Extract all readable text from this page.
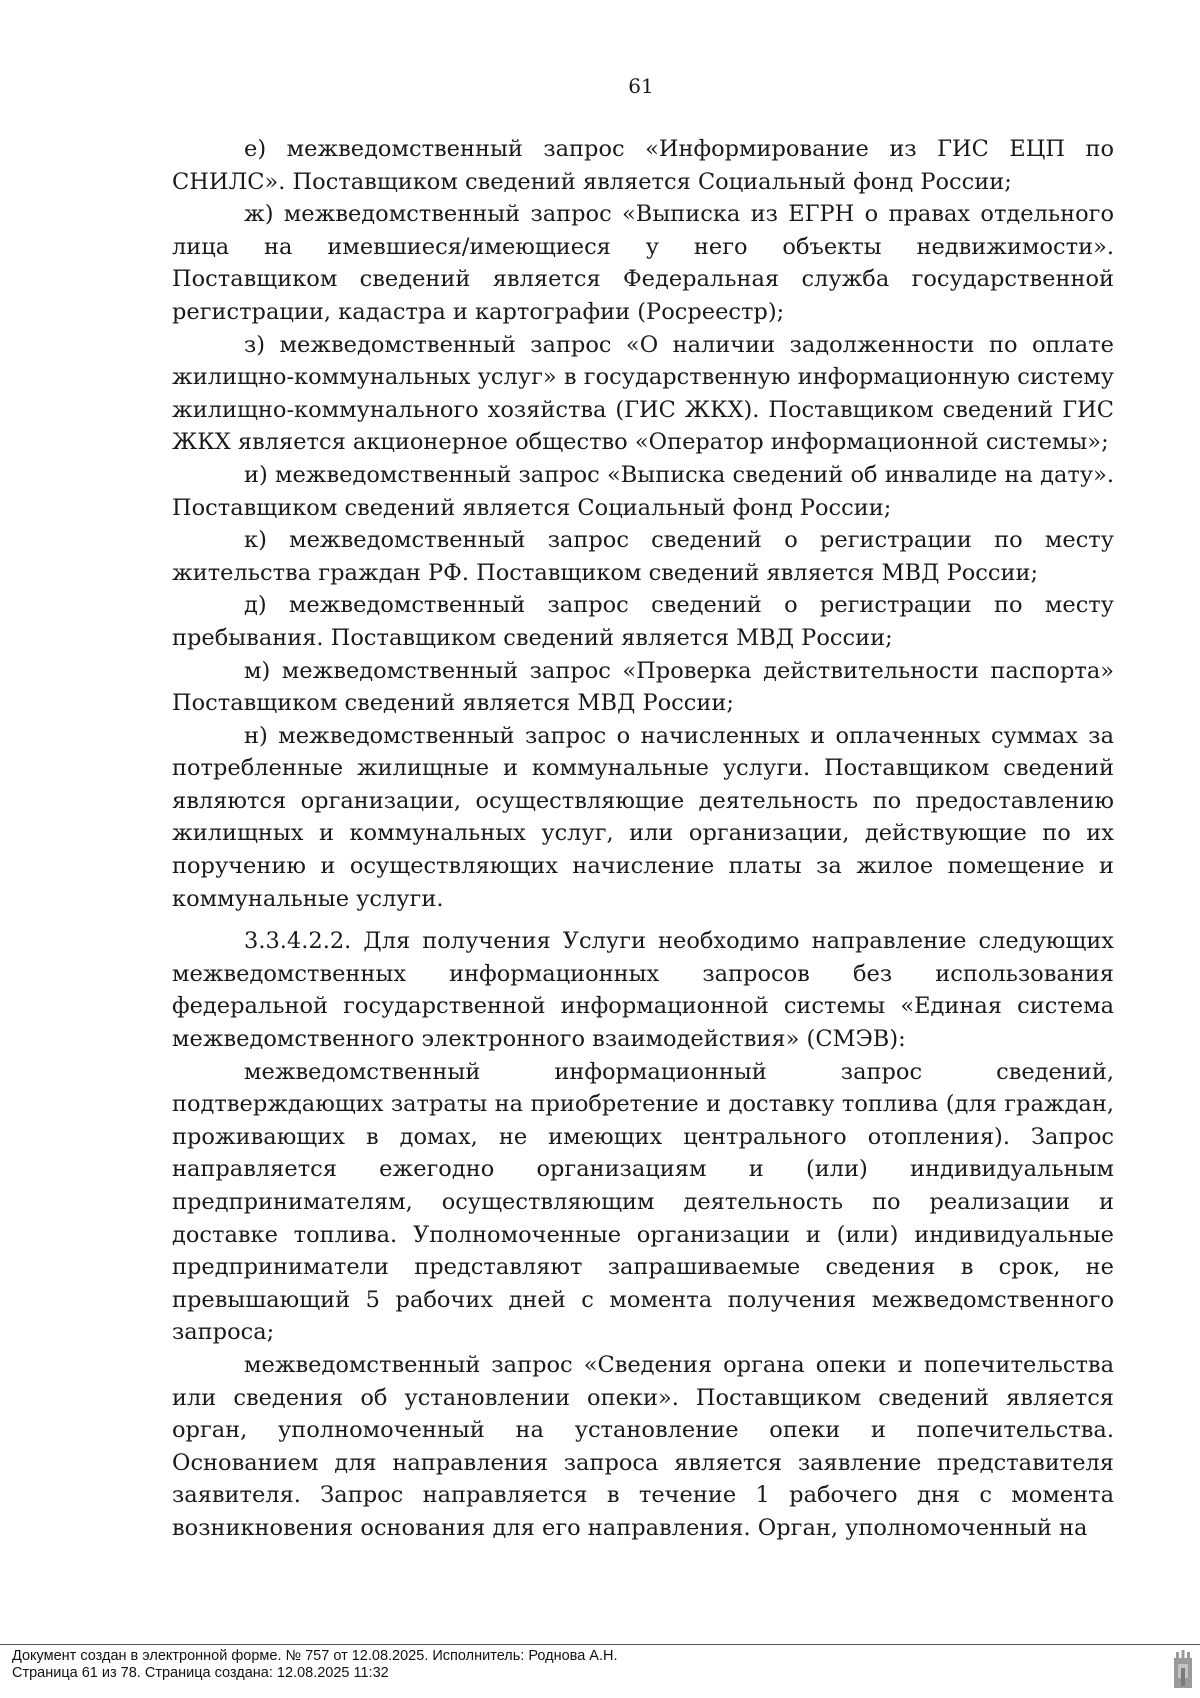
61

е) межведомственный запрос «Информирование из ГИС ЕЦП по СНИЛС». Поставщиком сведений является Социальный фонд России;

ж) межведомственный запрос «Выписка из ЕГРН о правах отдельного лица на имевшиеся/имеющиеся у него объекты недвижимости». Поставщиком сведений является Федеральная служба государственной регистрации, кадастра и картографии (Росреестр);

з) межведомственный запрос «О наличии задолженности по оплате жилищно-коммунальных услуг» в государственную информационную систему жилищно-коммунального хозяйства (ГИС ЖКХ). Поставщиком сведений ГИС ЖКХ является акционерное общество «Оператор информационной системы»;

и) межведомственный запрос «Выписка сведений об инвалиде на дату». Поставщиком сведений является Социальный фонд России;

к) межведомственный запрос сведений о регистрации по месту жительства граждан РФ. Поставщиком сведений является МВД России;

д) межведомственный запрос сведений о регистрации по месту пребывания. Поставщиком сведений является МВД России;

м) межведомственный запрос «Проверка действительности паспорта» Поставщиком сведений является МВД России;

н) межведомственный запрос о начисленных и оплаченных суммах за потребленные жилищные и коммунальные услуги. Поставщиком сведений являются организации, осуществляющие деятельность по предоставлению жилищных и коммунальных услуг, или организации, действующие по их поручению и осуществляющих начисление платы за жилое помещение и коммунальные услуги.

3.3.4.2.2. Для получения Услуги необходимо направление следующих межведомственных информационных запросов без использования федеральной государственной информационной системы «Единая система межведомственного электронного взаимодействия» (СМЭВ):

межведомственный информационный запрос сведений, подтверждающих затраты на приобретение и доставку топлива (для граждан, проживающих в домах, не имеющих центрального отопления). Запрос направляется ежегодно организациям и (или) индивидуальным предпринимателям, осуществляющим деятельность по реализации и доставке топлива. Уполномоченные организации и (или) индивидуальные предприниматели представляют запрашиваемые сведения в срок, не превышающий 5 рабочих дней с момента получения межведомственного запроса;

межведомственный запрос «Сведения органа опеки и попечительства или сведения об установлении опеки». Поставщиком сведений является орган, уполномоченный на установление опеки и попечительства. Основанием для направления запроса является заявление представителя заявителя. Запрос направляется в течение 1 рабочего дня с момента возникновения основания для его направления. Орган, уполномоченный на

Документ создан в электронной форме. № 757 от 12.08.2025. Исполнитель: Роднова А.Н.
Страница 61 из 78. Страница создана: 12.08.2025 11:32
